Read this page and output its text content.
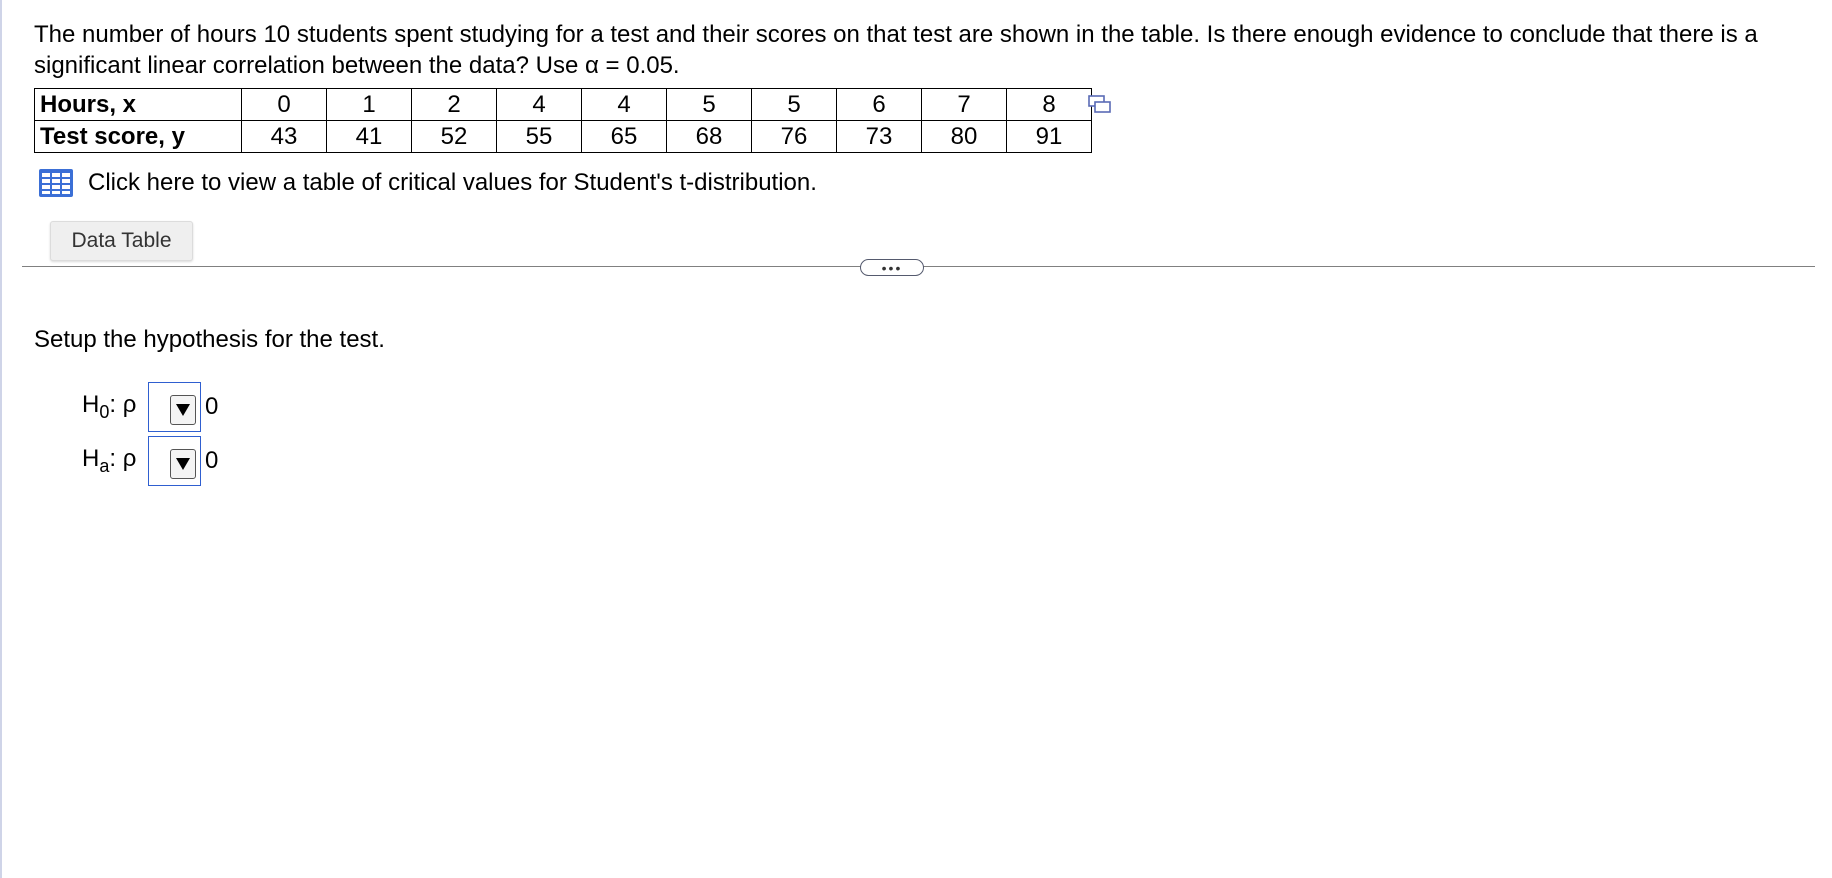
The number of hours 10 students spent studying for a test and their scores on that test are shown in the table. Is there enough evidence to conclude that there is a significant linear correlation between the data? Use α = 0.05.
Hours, x	0	1	2	4	4	5	5	6	7	8
Test score, y	43	41	52	55	65	68	76	73	80	91
Click here to view a table of critical values for Student's t-distribution.
Data Table
•••
Setup the hypothesis for the test.
$H_0$: ρ	0
$H_a$: ρ	0
